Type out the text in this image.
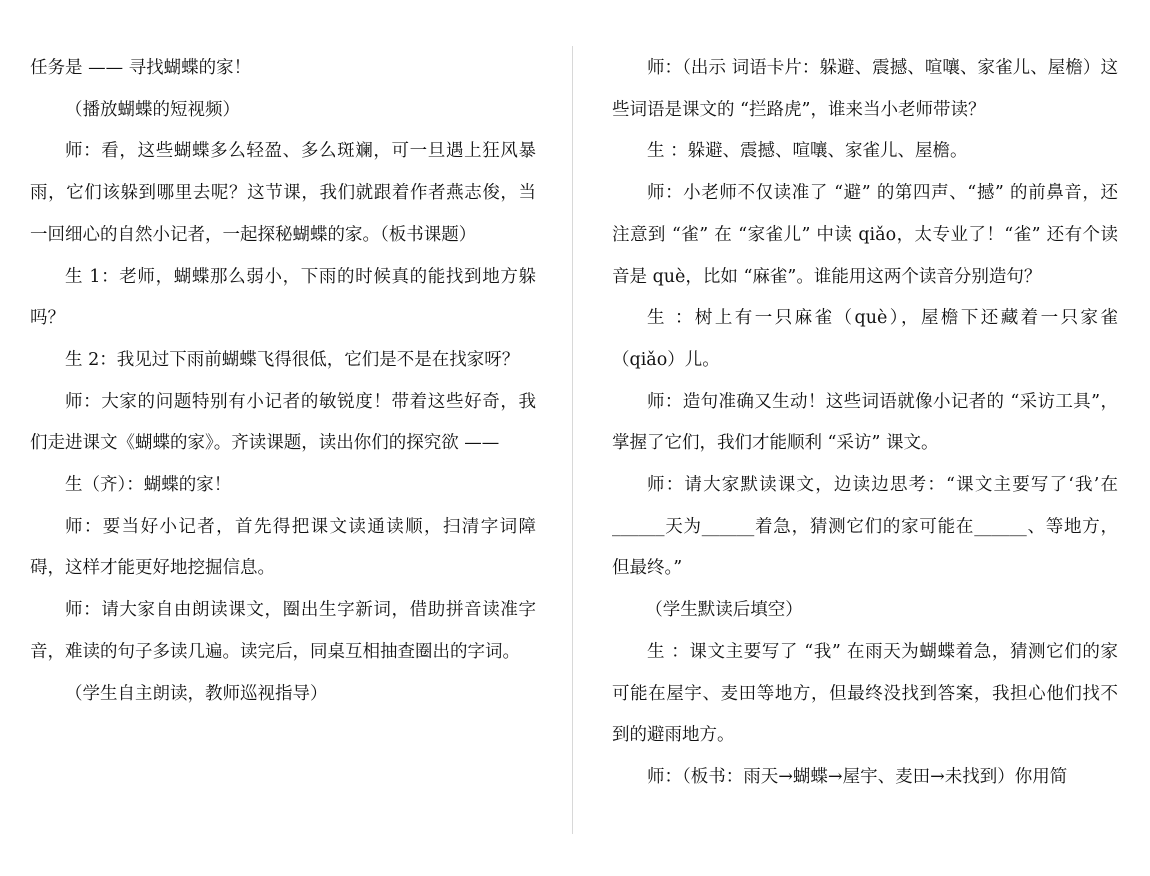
任务是 —— 寻找蝴蝶的家！

（播放蝴蝶的短视频）

师：看，这些蝴蝶多么轻盈、多么斑斓，可一旦遇上狂风暴雨，它们该躲到哪里去呢？这节课，我们就跟着作者燕志俊，当一回细心的自然小记者，一起探秘蝴蝶的家。（板书课题）

生 1：老师，蝴蝶那么弱小，下雨的时候真的能找到地方躲吗？

生 2：我见过下雨前蝴蝶飞得很低，它们是不是在找家呀？

师：大家的问题特别有小记者的敏锐度！带着这些好奇，我们走进课文《蝴蝶的家》。齐读课题，读出你们的探究欲 ——

生（齐）：蝴蝶的家！

师：要当好小记者，首先得把课文读通读顺，扫清字词障碍，这样才能更好地挖掘信息。

师：请大家自由朗读课文，圈出生字新词，借助拼音读准字音，难读的句子多读几遍。读完后，同桌互相抽查圈出的字词。

（学生自主朗读，教师巡视指导）

师：（出示 词语卡片：躲避、震撼、喧嚷、家雀儿、屋檐）这些词语是课文的 “拦路虎”，谁来当小老师带读？

生 ：躲避、震撼、喧嚷、家雀儿、屋檐。

师：小老师不仅读准了 “避” 的第四声、“撼” 的前鼻音，还注意到 “雀” 在 “家雀儿” 中读 qiǎo，太专业了！“雀” 还有个读音是 què，比如 “麻雀”。谁能用这两个读音分别造句？

生 ：树上有一只麻雀（què），屋檐下还藏着一只家雀（qiǎo）儿。

师：造句准确又生动！这些词语就像小记者的 “采访工具”，掌握了它们，我们才能顺利 “采访” 课文。

师：请大家默读课文，边读边思考：“课文主要写了‘我’在______天为______着急，猜测它们的家可能在______、等地方，但最终。”

（学生默读后填空）

生 ：课文主要写了 “我” 在雨天为蝴蝶着急，猜测它们的家可能在屋宇、麦田等地方，但最终没找到答案，我担心他们找不到的避雨地方。

师：（板书：雨天→蝴蝶→屋宇、麦田→未找到）你用简
